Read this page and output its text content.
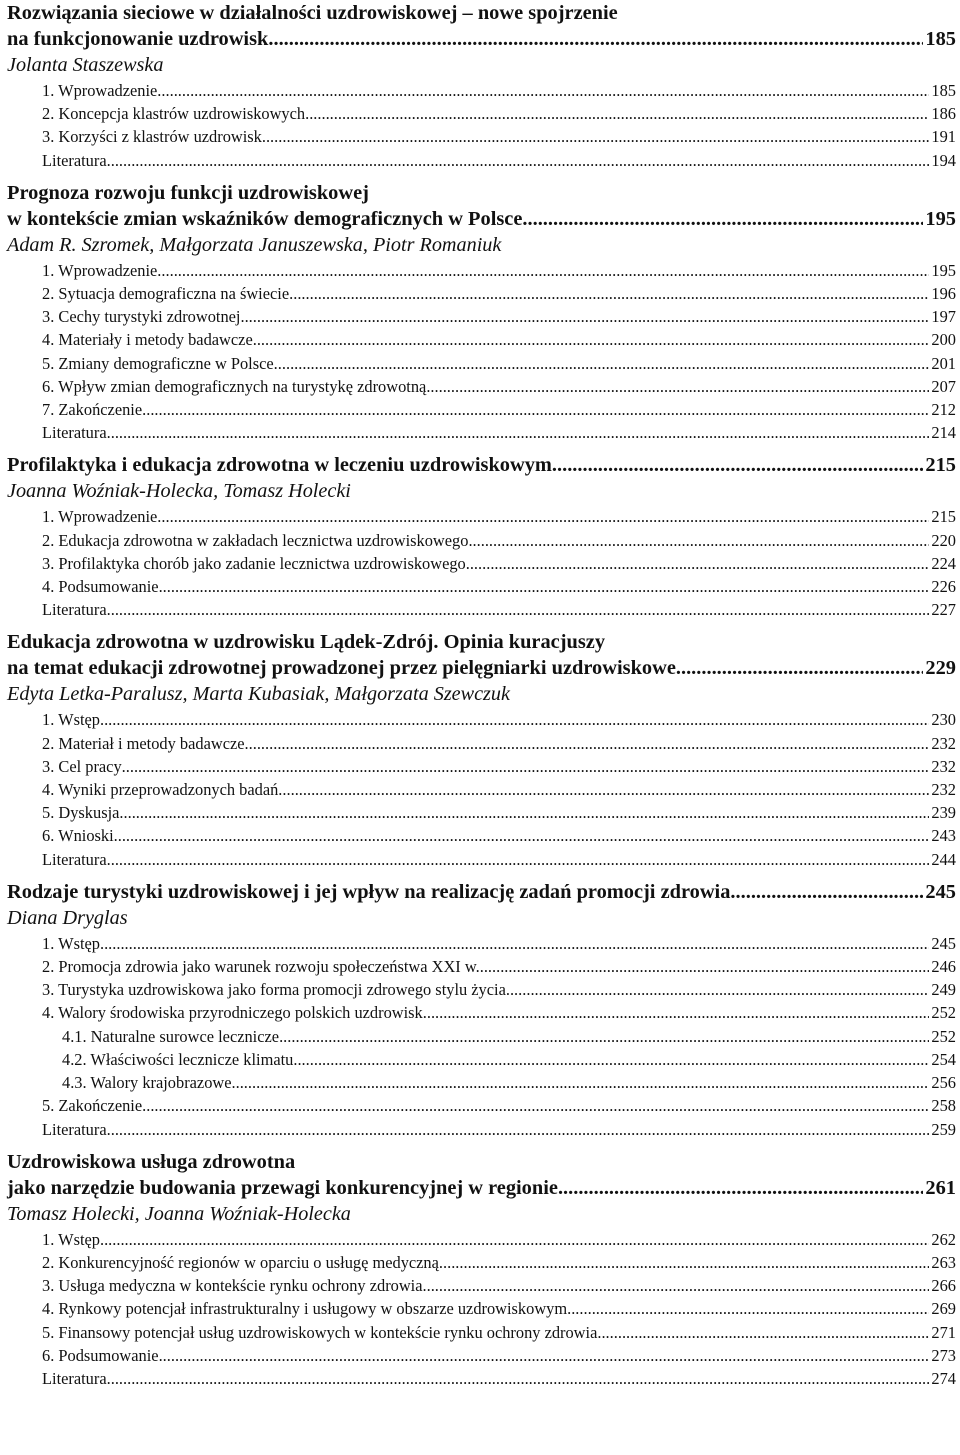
Rozwiązania sieciowe w działalności uzdrowiskowej – nowe spojrzenie
na funkcjonowanie uzdrowisk .....	185
Jolanta Staszewska
1. Wprowadzenie .....	185
2. Koncepcja klastrów uzdrowiskowych .....	186
3. Korzyści z klastrów uzdrowisk .....	191
Literatura .....	194
Prognoza rozwoju funkcji uzdrowiskowej
w kontekście zmian wskaźników demograficznych w Polsce .....	195
Adam R. Szromek, Małgorzata Januszewska, Piotr Romaniuk
1. Wprowadzenie .....	195
2. Sytuacja demograficzna na świecie .....	196
3. Cechy turystyki zdrowotnej .....	197
4. Materiały i metody badawcze .....	200
5. Zmiany demograficzne w Polsce .....	201
6. Wpływ zmian demograficznych na turystykę zdrowotną .....	207
7. Zakończenie .....	212
Literatura .....	214
Profilaktyka i edukacja zdrowotna w leczeniu uzdrowiskowym .....	215
Joanna Woźniak-Holecka, Tomasz Holecki
1. Wprowadzenie .....	215
2. Edukacja zdrowotna w zakładach lecznictwa uzdrowiskowego .....	220
3. Profilaktyka chorób jako zadanie lecznictwa uzdrowiskowego .....	224
4. Podsumowanie .....	226
Literatura .....	227
Edukacja zdrowotna w uzdrowisku Lądek-Zdrój. Opinia kuracjuszy
na temat edukacji zdrowotnej prowadzonej przez pielęgniarki uzdrowiskowe .....	229
Edyta Letka-Paralusz, Marta Kubasiak, Małgorzata Szewczuk
1. Wstęp .....	230
2. Materiał i metody badawcze .....	232
3. Cel pracy .....	232
4. Wyniki przeprowadzonych badań .....	232
5. Dyskusja .....	239
6. Wnioski .....	243
Literatura .....	244
Rodzaje turystyki uzdrowiskowej i jej wpływ na realizację zadań promocji zdrowia .....	245
Diana Dryglas
1. Wstęp .....	245
2. Promocja zdrowia jako warunek rozwoju społeczeństwa XXI w. .....	246
3. Turystyka uzdrowiskowa jako forma promocji zdrowego stylu życia .....	249
4. Walory środowiska przyrodniczego polskich uzdrowisk .....	252
4.1. Naturalne surowce lecznicze .....	252
4.2. Właściwości lecznicze klimatu .....	254
4.3. Walory krajobrazowe .....	256
5. Zakończenie .....	258
Literatura .....	259
Uzdrowiskowa usługa zdrowotna
jako narzędzie budowania przewagi konkurencyjnej w regionie .....	261
Tomasz Holecki, Joanna Woźniak-Holecka
1. Wstęp .....	262
2. Konkurencyjność regionów w oparciu o usługę medyczną .....	263
3. Usługa medyczna w kontekście rynku ochrony zdrowia .....	266
4. Rynkowy potencjał infrastrukturalny i usługowy w obszarze uzdrowiskowym .....	269
5. Finansowy potencjał usług uzdrowiskowych w kontekście rynku ochrony zdrowia .....	271
6. Podsumowanie .....	273
Literatura .....	274
